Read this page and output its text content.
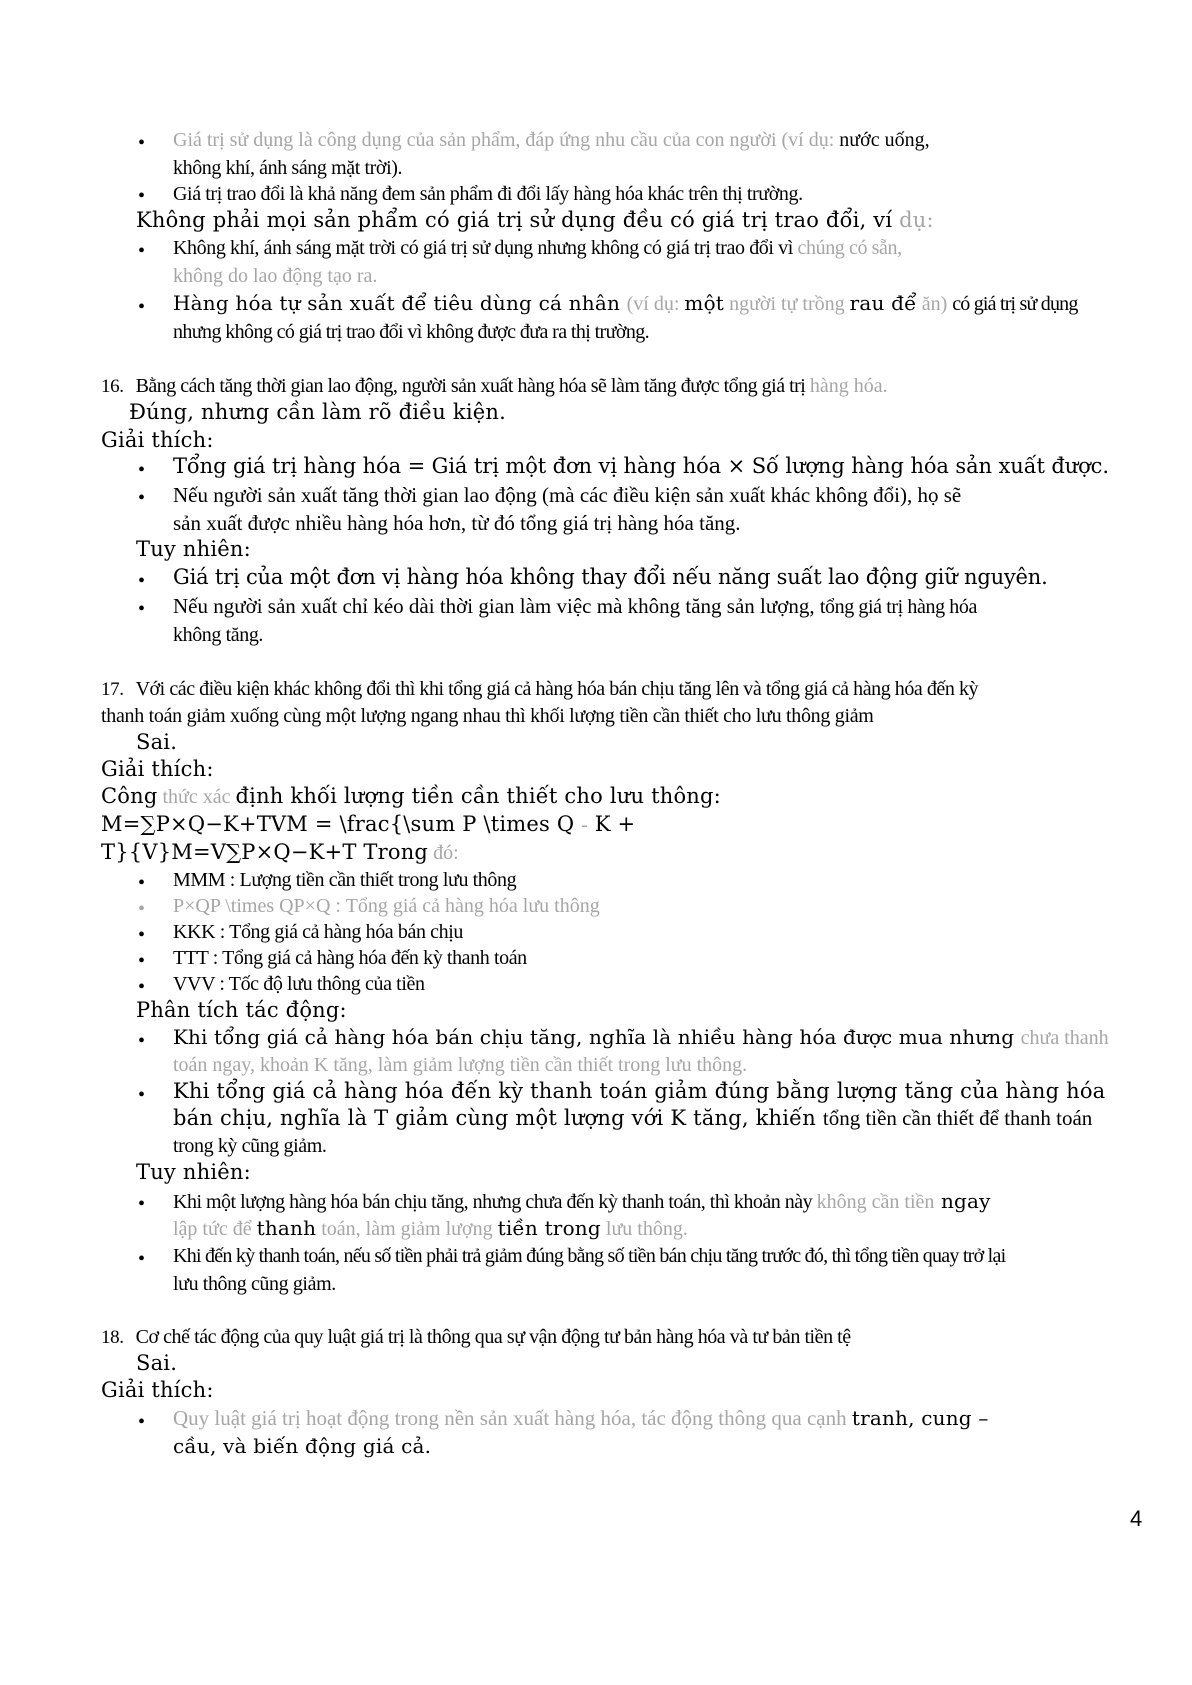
• Giá trị sử dụng là công dụng của sản phẩm, đáp ứng nhu cầu của con người (ví dụ: nước uống,
không khí, ánh sáng mặt trời).
• Giá trị trao đổi là khả năng đem sản phẩm đi đổi lấy hàng hóa khác trên thị trường.
Không phải mọi sản phẩm có giá trị sử dụng đều có giá trị trao đổi, ví dụ:
• Không khí, ánh sáng mặt trời có giá trị sử dụng nhưng không có giá trị trao đổi vì chúng có sẵn,
không do lao động tạo ra.
• Hàng hóa tự sản xuất để tiêu dùng cá nhân (ví dụ: một người tự trồng rau để ăn) có giá trị sử dụng
nhưng không có giá trị trao đổi vì không được đưa ra thị trường.
16. Bằng cách tăng thời gian lao động, người sản xuất hàng hóa sẽ làm tăng được tổng giá trị hàng hóa.
Đúng, nhưng cần làm rõ điều kiện.
Giải thích:
• Tổng giá trị hàng hóa = Giá trị một đơn vị hàng hóa × Số lượng hàng hóa sản xuất được.
• Nếu người sản xuất tăng thời gian lao động (mà các điều kiện sản xuất khác không đổi), họ sẽ
sản xuất được nhiều hàng hóa hơn, từ đó tổng giá trị hàng hóa tăng.
Tuy nhiên:
• Giá trị của một đơn vị hàng hóa không thay đổi nếu năng suất lao động giữ nguyên.
• Nếu người sản xuất chỉ kéo dài thời gian làm việc mà không tăng sản lượng, tổng giá trị hàng hóa
không tăng.
17. Với các điều kiện khác không đổi thì khi tổng giá cả hàng hóa bán chịu tăng lên và tổng giá cả hàng hóa đến kỳ
thanh toán giảm xuống cùng một lượng ngang nhau thì khối lượng tiền cần thiết cho lưu thông giảm
Sai.
Giải thích:
Công thức xác định khối lượng tiền cần thiết cho lưu thông:
M=∑P×Q−K+TVM = \frac{\sum P \times Q - K +
T}{V}M=V∑P×Q−K+T Trong đó:
• MMM : Lượng tiền cần thiết trong lưu thông
• P×QP \times QP×Q : Tổng giá cả hàng hóa lưu thông
• KKK : Tổng giá cả hàng hóa bán chịu
• TTT : Tổng giá cả hàng hóa đến kỳ thanh toán
• VVV : Tốc độ lưu thông của tiền
Phân tích tác động:
• Khi tổng giá cả hàng hóa bán chịu tăng, nghĩa là nhiều hàng hóa được mua nhưng chưa thanh
toán ngay, khoản K tăng, làm giảm lượng tiền cần thiết trong lưu thông.
• Khi tổng giá cả hàng hóa đến kỳ thanh toán giảm đúng bằng lượng tăng của hàng hóa
bán chịu, nghĩa là T giảm cùng một lượng với K tăng, khiến tổng tiền cần thiết để thanh toán
trong kỳ cũng giảm.
Tuy nhiên:
• Khi một lượng hàng hóa bán chịu tăng, nhưng chưa đến kỳ thanh toán, thì khoản này không cần tiền ngay
lập tức để thanh toán, làm giảm lượng tiền trong lưu thông.
• Khi đến kỳ thanh toán, nếu số tiền phải trả giảm đúng bằng số tiền bán chịu tăng trước đó, thì tổng tiền quay trở lại
lưu thông cũng giảm.
18. Cơ chế tác động của quy luật giá trị là thông qua sự vận động tư bản hàng hóa và tư bản tiền tệ
Sai.
Giải thích:
• Quy luật giá trị hoạt động trong nền sản xuất hàng hóa, tác động thông qua cạnh tranh, cung –
cầu, và biến động giá cả.
4
